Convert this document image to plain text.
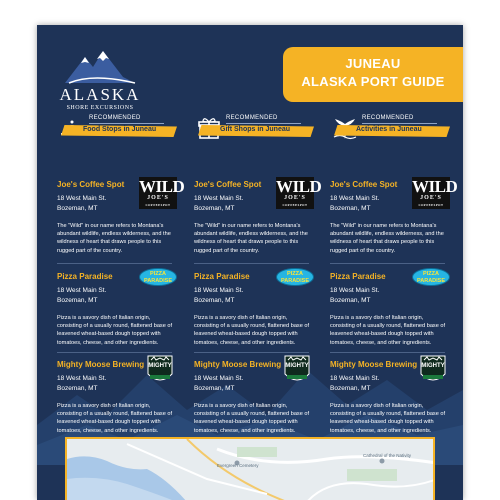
ALASKA
SHORE EXCURSIONS
JUNEAU
ALASKA PORT GUIDE
RECOMMENDED
Food Stops in Juneau
Joe's Coffee Spot WILD
JOE'S
COFFEESPOT
18 West Main St.
Bozeman, MT
The "Wild" in our name refers to Montana's abundant wildlife, endless wilderness, and the wildness of heart that draws people to this rugged part of the country.
Pizza Paradise	PIZZA
PARADISE
18 West Main St.
Bozeman, MT
Pizza is a savory dish of Italian origin, consisting of a usually round, flattened base of leavened wheat-based dough topped with tomatoes, cheese, and other ingredients.
Mighty Moose Brewing MIGHTY
18 West Main St.
Bozeman, MT
Pizza is a savory dish of Italian origin, consisting of a usually round, flattened base of leavened wheat-based dough topped with tomatoes, cheese, and other ingredients.
RECOMMENDED
Gift Shops in Juneau
Joe's Coffee Spot WILD
JOE'S
COFFEESPOT
18 West Main St.
Bozeman, MT
The "Wild" in our name refers to Montana's abundant wildlife, endless wilderness, and the wildness of heart that draws people to this rugged part of the country.
Pizza Paradise	PIZZA
PARADISE
18 West Main St.
Bozeman, MT
Pizza is a savory dish of Italian origin, consisting of a usually round, flattened base of leavened wheat-based dough topped with tomatoes, cheese, and other ingredients.
Mighty Moose Brewing MIGHTY
18 West Main St.
Bozeman, MT
Pizza is a savory dish of Italian origin, consisting of a usually round, flattened base of leavened wheat-based dough topped with tomatoes, cheese, and other ingredients.
RECOMMENDED
Activities in Juneau
Joe's Coffee Spot WILD
JOE'S
COFFEESPOT
18 West Main St.
Bozeman, MT
The "Wild" in our name refers to Montana's abundant wildlife, endless wilderness, and the wildness of heart that draws people to this rugged part of the country.
Pizza Paradise	PIZZA
PARADISE
18 West Main St.
Bozeman, MT
Pizza is a savory dish of Italian origin, consisting of a usually round, flattened base of leavened wheat-based dough topped with tomatoes, cheese, and other ingredients.
Mighty Moose Brewing MIGHTY
18 West Main St.
Bozeman, MT
Pizza is a savory dish of Italian origin, consisting of a usually round, flattened base of leavened wheat-based dough topped with tomatoes, cheese, and other ingredients.
Evergreen Cemetery
Cathedral of the Nativity
